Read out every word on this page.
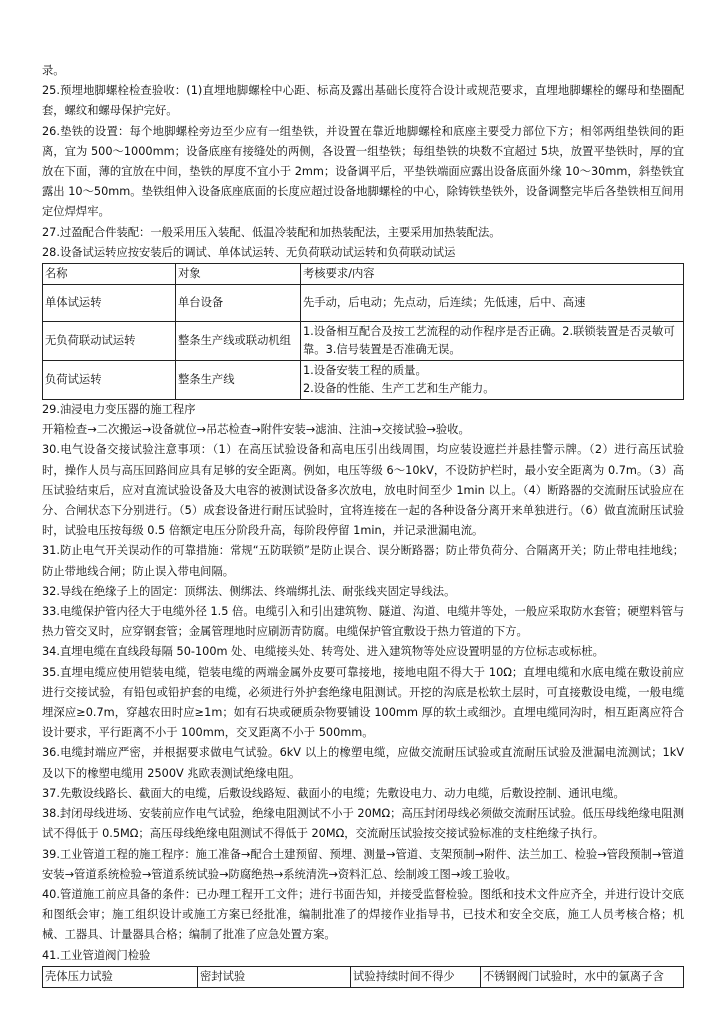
录。

25.预埋地脚螺栓检查验收：(1)直埋地脚螺栓中心距、标高及露出基础长度符合设计或规范要求，直埋地脚螺栓的螺母和垫圈配套，螺纹和螺母保护完好。

26.垫铁的设置：每个地脚螺栓旁边至少应有一组垫铁，并设置在靠近地脚螺栓和底座主要受力部位下方；相邻两组垫铁间的距离，宜为 500～1000mm；设备底座有接缝处的两侧，各设置一组垫铁；每组垫铁的块数不宜超过 5块，放置平垫铁时，厚的宜放在下面，薄的宜放在中间，垫铁的厚度不宜小于 2mm；设备调平后，平垫铁端面应露出设备底面外缘 10～30mm，斜垫铁宜露出 10～50mm。垫铁组伸入设备底座底面的长度应超过设备地脚螺栓的中心，除铸铁垫铁外，设备调整完毕后各垫铁相互间用定位焊焊牢。

27.过盈配合件装配：一般采用压入装配、低温冷装配和加热装配法，主要采用加热装配法。

28.设备试运转应按安装后的调试、单体试运转、无负荷联动试运转和负荷联动试运

名称	对象	考核要求/内容
单体试运转	单台设备	先手动，后电动；先点动，后连续；先低速，后中、高速
无负荷联动试运转	整条生产线或联动机组	1.设备相互配合及按工艺流程的动作程序是否正确。2.联锁装置是否灵敏可靠。3.信号装置是否准确无误。
负荷试运转	整条生产线	1.设备安装工程的质量。
2.设备的性能、生产工艺和生产能力。

29.油浸电力变压器的施工程序

开箱检查→二次搬运→设备就位→吊芯检查→附件安装→滤油、注油→交接试验→验收。

30.电气设备交接试验注意事项：（1）在高压试验设备和高电压引出线周围，均应装设遮拦并悬挂警示牌。（2）进行高压试验时，操作人员与高压回路间应具有足够的安全距离。例如，电压等级 6～10kV，不设防护栏时，最小安全距离为 0.7m。（3）高压试验结束后，应对直流试验设备及大电容的被测试设备多次放电，放电时间至少 1min 以上。（4）断路器的交流耐压试验应在分、合闸状态下分别进行。（5）成套设备进行耐压试验时，宜将连接在一起的各种设备分离开来单独进行。（6）做直流耐压试验时，试验电压按每级 0.5 倍额定电压分阶段升高，每阶段停留 1min，并记录泄漏电流。

31.防止电气开关误动作的可靠措施：常规“五防联锁”是防止误合、误分断路器；防止带负荷分、合隔离开关；防止带电挂地线；防止带地线合闸；防止误入带电间隔。

32.导线在绝缘子上的固定：顶绑法、侧绑法、终端绑扎法、耐张线夹固定导线法。

33.电缆保护管内径大于电缆外径 1.5 倍。电缆引入和引出建筑物、隧道、沟道、电缆井等处，一般应采取防水套管；硬塑料管与热力管交叉时，应穿钢套管；金属管理地时应刷沥青防腐。电缆保护管宜敷设于热力管道的下方。

34.直埋电缆在直线段每隔 50-100m 处、电缆接头处、转弯处、进入建筑物等处应设置明显的方位标志或标桩。

35.直埋电缆应使用铠装电缆，铠装电缆的两端金属外皮要可靠接地，接地电阻不得大于 10Ω；直埋电缆和水底电缆在敷设前应进行交接试验，有铅包或铅护套的电缆，必须进行外护套绝缘电阻测试。开挖的沟底是松软土层时，可直接敷设电缆，一般电缆埋深应≥0.7m，穿越农田时应≥1m；如有石块或硬质杂物要铺设 100mm 厚的软土或细沙。直埋电缆同沟时，相互距离应符合设计要求，平行距离不小于 100mm，交叉距离不小于 500mm。

36.电缆封端应严密，并根据要求做电气试验。6kV 以上的橡塑电缆，应做交流耐压试验或直流耐压试验及泄漏电流测试；1kV 及以下的橡塑电缆用 2500V 兆欧表测试绝缘电阻。

37.先敷设线路长、截面大的电缆，后敷设线路短、截面小的电缆；先敷设电力、动力电缆，后敷设控制、通讯电缆。

38.封闭母线进场、安装前应作电气试验，绝缘电阻测试不小于 20MΩ；高压封闭母线必须做交流耐压试验。低压母线绝缘电阻测试不得低于 0.5MΩ；高压母线绝缘电阻测试不得低于 20MΩ，交流耐压试验按交接试验标准的支柱绝缘子执行。

39.工业管道工程的施工程序：施工准备→配合土建预留、预埋、测量→管道、支架预制→附件、法兰加工、检验→管段预制→管道安装→管道系统检验→管道系统试验→防腐绝热→系统清洗→资料汇总、绘制竣工图→竣工验收。

40.管道施工前应具备的条件：已办理工程开工文件；进行书面告知，并接受监督检验。图纸和技术文件应齐全，并进行设计交底和图纸会审；施工组织设计或施工方案已经批准，编制批准了的焊接作业指导书，已技术和安全交底，施工人员考核合格；机械、工器具、计量器具合格；编制了批准了应急处置方案。

41.工业管道阀门检验

壳体压力试验	密封试验	试验持续时间不得少	不锈钢阀门试验时，水中的氯离子含
